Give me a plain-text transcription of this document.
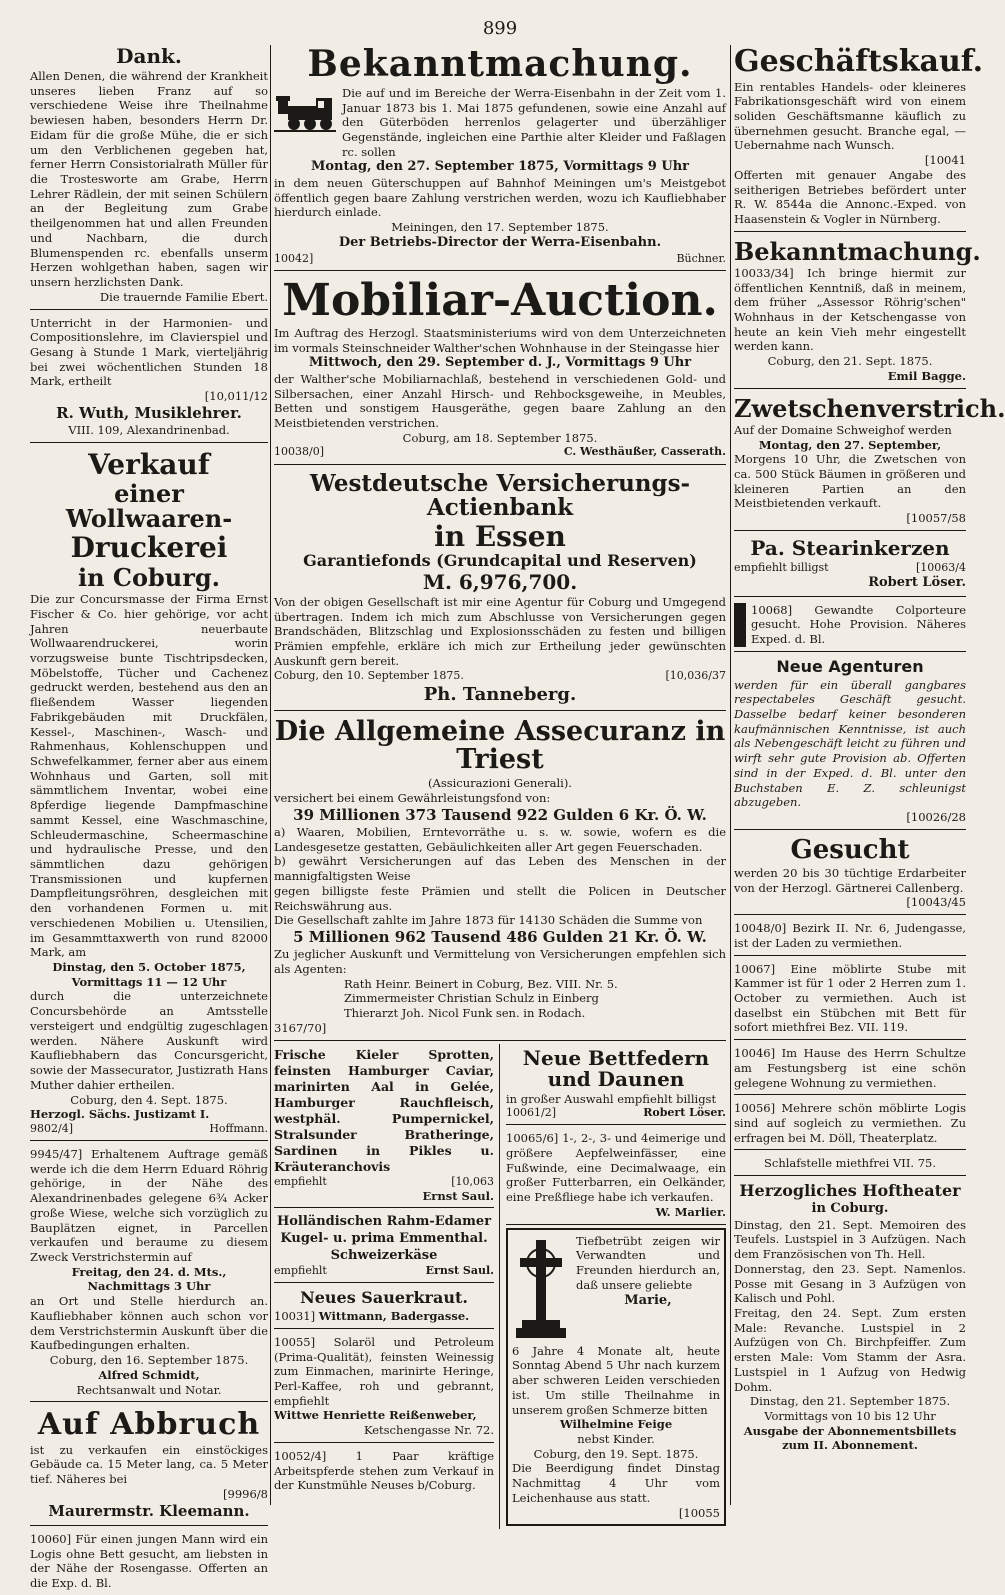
899
Dank.

Allen Denen, die während der Krankheit unseres lieben Franz auf so verschiedene Weise ihre Theilnahme bewiesen haben, besonders Herrn Dr. Eidam für die große Mühe, die er sich um den Verblichenen gegeben hat, ferner Herrn Consistorialrath Müller für die Trostesworte am Grabe, Herrn Lehrer Rädlein, der mit seinen Schülern an der Begleitung zum Grabe theilgenommen hat und allen Freunden und Nachbarn, die durch Blumenspenden rc. ebenfalls unserm Herzen wohlgethan haben, sagen wir unsern herzlichsten Dank.

Die trauernde Familie Ebert.

Unterricht in der Harmonien- und Compositionslehre, im Clavierspiel und Gesang à Stunde 1 Mark, vierteljährig bei zwei wöchentlichen Stunden 18 Mark, ertheilt

[10,011/12

R. Wuth, Musiklehrer.

VIII. 109, Alexandrinenbad.

Verkauf
einer Wollwaaren-
Druckerei
in Coburg.

Die zur Concursmasse der Firma Ernst Fischer & Co. hier gehörige, vor acht Jahren neuerbaute Wollwaarendruckerei, worin vorzugsweise bunte Tischtripsdecken, Möbelstoffe, Tücher und Cachenez gedruckt werden, bestehend aus den an fließendem Wasser liegenden Fabrikgebäuden mit Druckfälen, Kessel-, Maschinen-, Wasch- und Rahmenhaus, Kohlenschuppen und Schwefelkammer, ferner aber aus einem Wohnhaus und Garten, soll mit sämmtlichem Inventar, wobei eine 8pferdige liegende Dampfmaschine sammt Kessel, eine Waschmaschine, Schleudermaschine, Scheermaschine und hydraulische Presse, und den sämmtlichen dazu gehörigen Transmissionen und kupfernen Dampfleitungsröhren, desgleichen mit den vorhandenen Formen u. mit verschiedenen Mobilien u. Utensilien, im Gesammttaxwerth von rund 82000 Mark, am

Dinstag, den 5. October 1875, Vormittags 11 — 12 Uhr

durch die unterzeichnete Concursbehörde an Amtsstelle versteigert und endgültig zugeschlagen werden. Nähere Auskunft wird Kaufliebhabern das Concursgericht, sowie der Massecurator, Justizrath Hans Muther dahier ertheilen.

Coburg, den 4. Sept. 1875.

Herzogl. Sächs. Justizamt I.

9802/4]	Hoffmann.

9945/47] Erhaltenem Auftrage gemäß werde ich die dem Herrn Eduard Röhrig gehörige, in der Nähe des Alexandrinenbades gelegene 6¾ Acker große Wiese, welche sich vorzüglich zu Bauplätzen eignet, in Parcellen verkaufen und beraume zu diesem Zweck Verstrichstermin auf

Freitag, den 24. d. Mts., Nachmittags 3 Uhr

an Ort und Stelle hierdurch an. Kaufliebhaber können auch schon vor dem Verstrichstermin Auskunft über die Kaufbedingungen erhalten.

Coburg, den 16. September 1875.

Alfred Schmidt,

Rechtsanwalt und Notar.

Auf Abbruch

ist zu verkaufen ein einstöckiges Gebäude ca. 15 Meter lang, ca. 5 Meter tief. Näheres bei

[9996/8

Maurermstr. Kleemann.

10060] Für einen jungen Mann wird ein Logis ohne Bett gesucht, am liebsten in der Nähe der Rosengasse. Offerten an die Exp. d. Bl.

Bekanntmachung.

Die auf und im Bereiche der Werra-Eisenbahn in der Zeit vom 1. Januar 1873 bis 1. Mai 1875 gefundenen, sowie eine Anzahl auf den Güterböden herrenlos gelagerter und überzähliger Gegenstände, ingleichen eine Parthie alter Kleider und Faßlagen rc. sollen

Montag, den 27. September 1875, Vormittags 9 Uhr

in dem neuen Güterschuppen auf Bahnhof Meiningen um's Meistgebot öffentlich gegen baare Zahlung verstrichen werden, wozu ich Kaufliebhaber hierdurch einlade.

Meiningen, den 17. September 1875.

Der Betriebs-Director der Werra-Eisenbahn.

10042]	Büchner.
Mobiliar-Auction.

Im Auftrag des Herzogl. Staatsministeriums wird von dem Unterzeichneten im vormals Steinschneider Walther'schen Wohnhause in der Steingasse hier

Mittwoch, den 29. September d. J., Vormittags 9 Uhr

der Walther'sche Mobiliarnachlaß, bestehend in verschiedenen Gold- und Silbersachen, einer Anzahl Hirsch- und Rehbocksgeweihe, in Meubles, Betten und sonstigem Hausgeräthe, gegen baare Zahlung an den Meistbietenden verstrichen.

Coburg, am 18. September 1875.

10038/0]	C. Westhäußer, Casserath.
Westdeutsche Versicherungs-Actienbank
in Essen
Garantiefonds (Grundcapital und Reserven)
M. 6,976,700.

Von der obigen Gesellschaft ist mir eine Agentur für Coburg und Umgegend übertragen. Indem ich mich zum Abschlusse von Versicherungen gegen Brandschäden, Blitzschlag und Explosionsschäden zu festen und billigen Prämien empfehle, erkläre ich mich zur Ertheilung jeder gewünschten Auskunft gern bereit.

Coburg, den 10. September 1875.	[10,036/37
Ph. Tanneberg.
Die Allgemeine Assecuranz in Triest

(Assicurazioni Generali).

versichert bei einem Gewährleistungsfond von:

39 Millionen 373 Tausend 922 Gulden 6 Kr. Ö. W.

a) Waaren, Mobilien, Erntevorräthe u. s. w. sowie, wofern es die Landesgesetze gestatten, Gebäulichkeiten aller Art gegen Feuerschaden.

b) gewährt Versicherungen auf das Leben des Menschen in der mannigfaltigsten Weise

gegen billigste feste Prämien und stellt die Policen in Deutscher Reichswährung aus.

Die Gesellschaft zahlte im Jahre 1873 für 14130 Schäden die Summe von

5 Millionen 962 Tausend 486 Gulden 21 Kr. Ö. W.

Zu jeglicher Auskunft und Vermittelung von Versicherungen empfehlen sich als Agenten:

Rath Heinr. Beinert in Coburg, Bez. VIII. Nr. 5.

Zimmermeister Christian Schulz in Einberg

Thierarzt Joh. Nicol Funk sen. in Rodach.

3167/70]

Frische Kieler Sprotten, feinsten Hamburger Caviar, marinirten Aal in Gelée, Hamburger Rauchfleisch, westphäl. Pumpernickel, Stralsunder Bratheringe, Sardinen in Pikles u. Kräuteranchovis

empfiehlt	[10,063

Ernst Saul.

Holländischen Rahm-Edamer Kugel- u. prima Emmenthal. Schweizerkäse

empfiehlt	Ernst Saul.
Neues Sauerkraut.

10031] Wittmann, Badergasse.

10055] Solaröl und Petroleum (Prima-Qualität), feinsten Weinessig zum Einmachen, marinirte Heringe, Perl-Kaffee, roh und gebrannt, empfiehlt

Wittwe Henriette Reißenweber,

Ketschengasse Nr. 72.

10052/4]	1 Paar kräftige Arbeitspferde stehen zum Verkauf in der Kunstmühle Neuses b/Coburg.

Neue Bettfedern und Daunen

in großer Auswahl empfiehlt billigst

10061/2]	Robert Löser.

10065/6] 1-, 2-, 3- und 4eimerige und größere Aepfelweinfässer, eine Fußwinde, eine Decimalwaage, ein großer Futterbarren, ein Oelkänder, eine Preßfliege habe ich verkaufen.

W. Marlier.

Tiefbetrübt zeigen wir Verwandten und Freunden hierdurch an, daß unsere geliebte

Marie,

6 Jahre 4 Monate alt, heute Sonntag Abend 5 Uhr nach kurzem aber schweren Leiden verschieden ist. Um stille Theilnahme in unserem großen Schmerze bitten

Wilhelmine Feige

nebst Kinder.

Coburg, den 19. Sept. 1875.

Die Beerdigung findet Dinstag Nachmittag 4 Uhr vom Leichenhause aus statt.

[10055

Geschäftskauf.

Ein rentables Handels- oder kleineres Fabrikationsgeschäft wird von einem soliden Geschäftsmanne käuflich zu übernehmen gesucht. Branche egal, — Uebernahme nach Wunsch.

[10041

Offerten mit genauer Angabe des seitherigen Betriebes befördert unter R. W. 8544a die Annonc.-Exped. von Haasenstein & Vogler in Nürnberg.

Bekanntmachung.

10033/34] Ich bringe hiermit zur öffentlichen Kenntniß, daß in meinem, dem früher „Assessor Röhrig'schen" Wohnhaus in der Ketschengasse von heute an kein Vieh mehr eingestellt werden kann.

Coburg, den 21. Sept. 1875.

Emil Bagge.

Zwetschenverstrich.

Auf der Domaine Schweighof werden

Montag, den 27. September,

Morgens 10 Uhr, die Zwetschen von ca. 500 Stück Bäumen in größeren und kleineren Partien an den Meistbietenden verkauft.

[10057/58

Pa. Stearinkerzen
empfiehlt billigst	[10063/4

Robert Löser.

10068] Gewandte Colporteure gesucht. Hohe Provision. Näheres Exped. d. Bl.

Neue Agenturen

werden für ein überall gangbares respectabeles Geschäft gesucht. Dasselbe bedarf keiner besonderen kaufmännischen Kenntnisse, ist auch als Nebengeschäft leicht zu führen und wirft sehr gute Provision ab. Offerten sind in der Exped. d. Bl. unter den Buchstaben E. Z. schleunigst abzugeben.

[10026/28

Gesucht

werden 20 bis 30 tüchtige Erdarbeiter von der Herzogl. Gärtnerei Callenberg.

[10043/45

10048/0] Bezirk II. Nr. 6, Judengasse, ist der Laden zu vermiethen.

10067] Eine möblirte Stube mit Kammer ist für 1 oder 2 Herren zum 1. October zu vermiethen. Auch ist daselbst ein Stübchen mit Bett für sofort miethfrei Bez. VII. 119.

10046] Im Hause des Herrn Schultze am Festungsberg ist eine schön gelegene Wohnung zu vermiethen.

10056] Mehrere schön möblirte Logis sind auf sogleich zu vermiethen. Zu erfragen bei M. Döll, Theaterplatz.

Schlafstelle miethfrei VII. 75.

Herzogliches Hoftheater
in Coburg.

Dinstag, den 21. Sept. Memoiren des Teufels. Lustspiel in 3 Aufzügen. Nach dem Französischen von Th. Hell.

Donnerstag, den 23. Sept. Namenlos. Posse mit Gesang in 3 Aufzügen von Kalisch und Pohl.

Freitag, den 24. Sept. Zum ersten Male: Revanche. Lustspiel in 2 Aufzügen von Ch. Birchpfeiffer. Zum ersten Male: Vom Stamm der Asra. Lustspiel in 1 Aufzug von Hedwig Dohm.

Dinstag, den 21. September 1875. Vormittags von 10 bis 12 Uhr

Ausgabe der Abonnementsbillets zum II. Abonnement.
